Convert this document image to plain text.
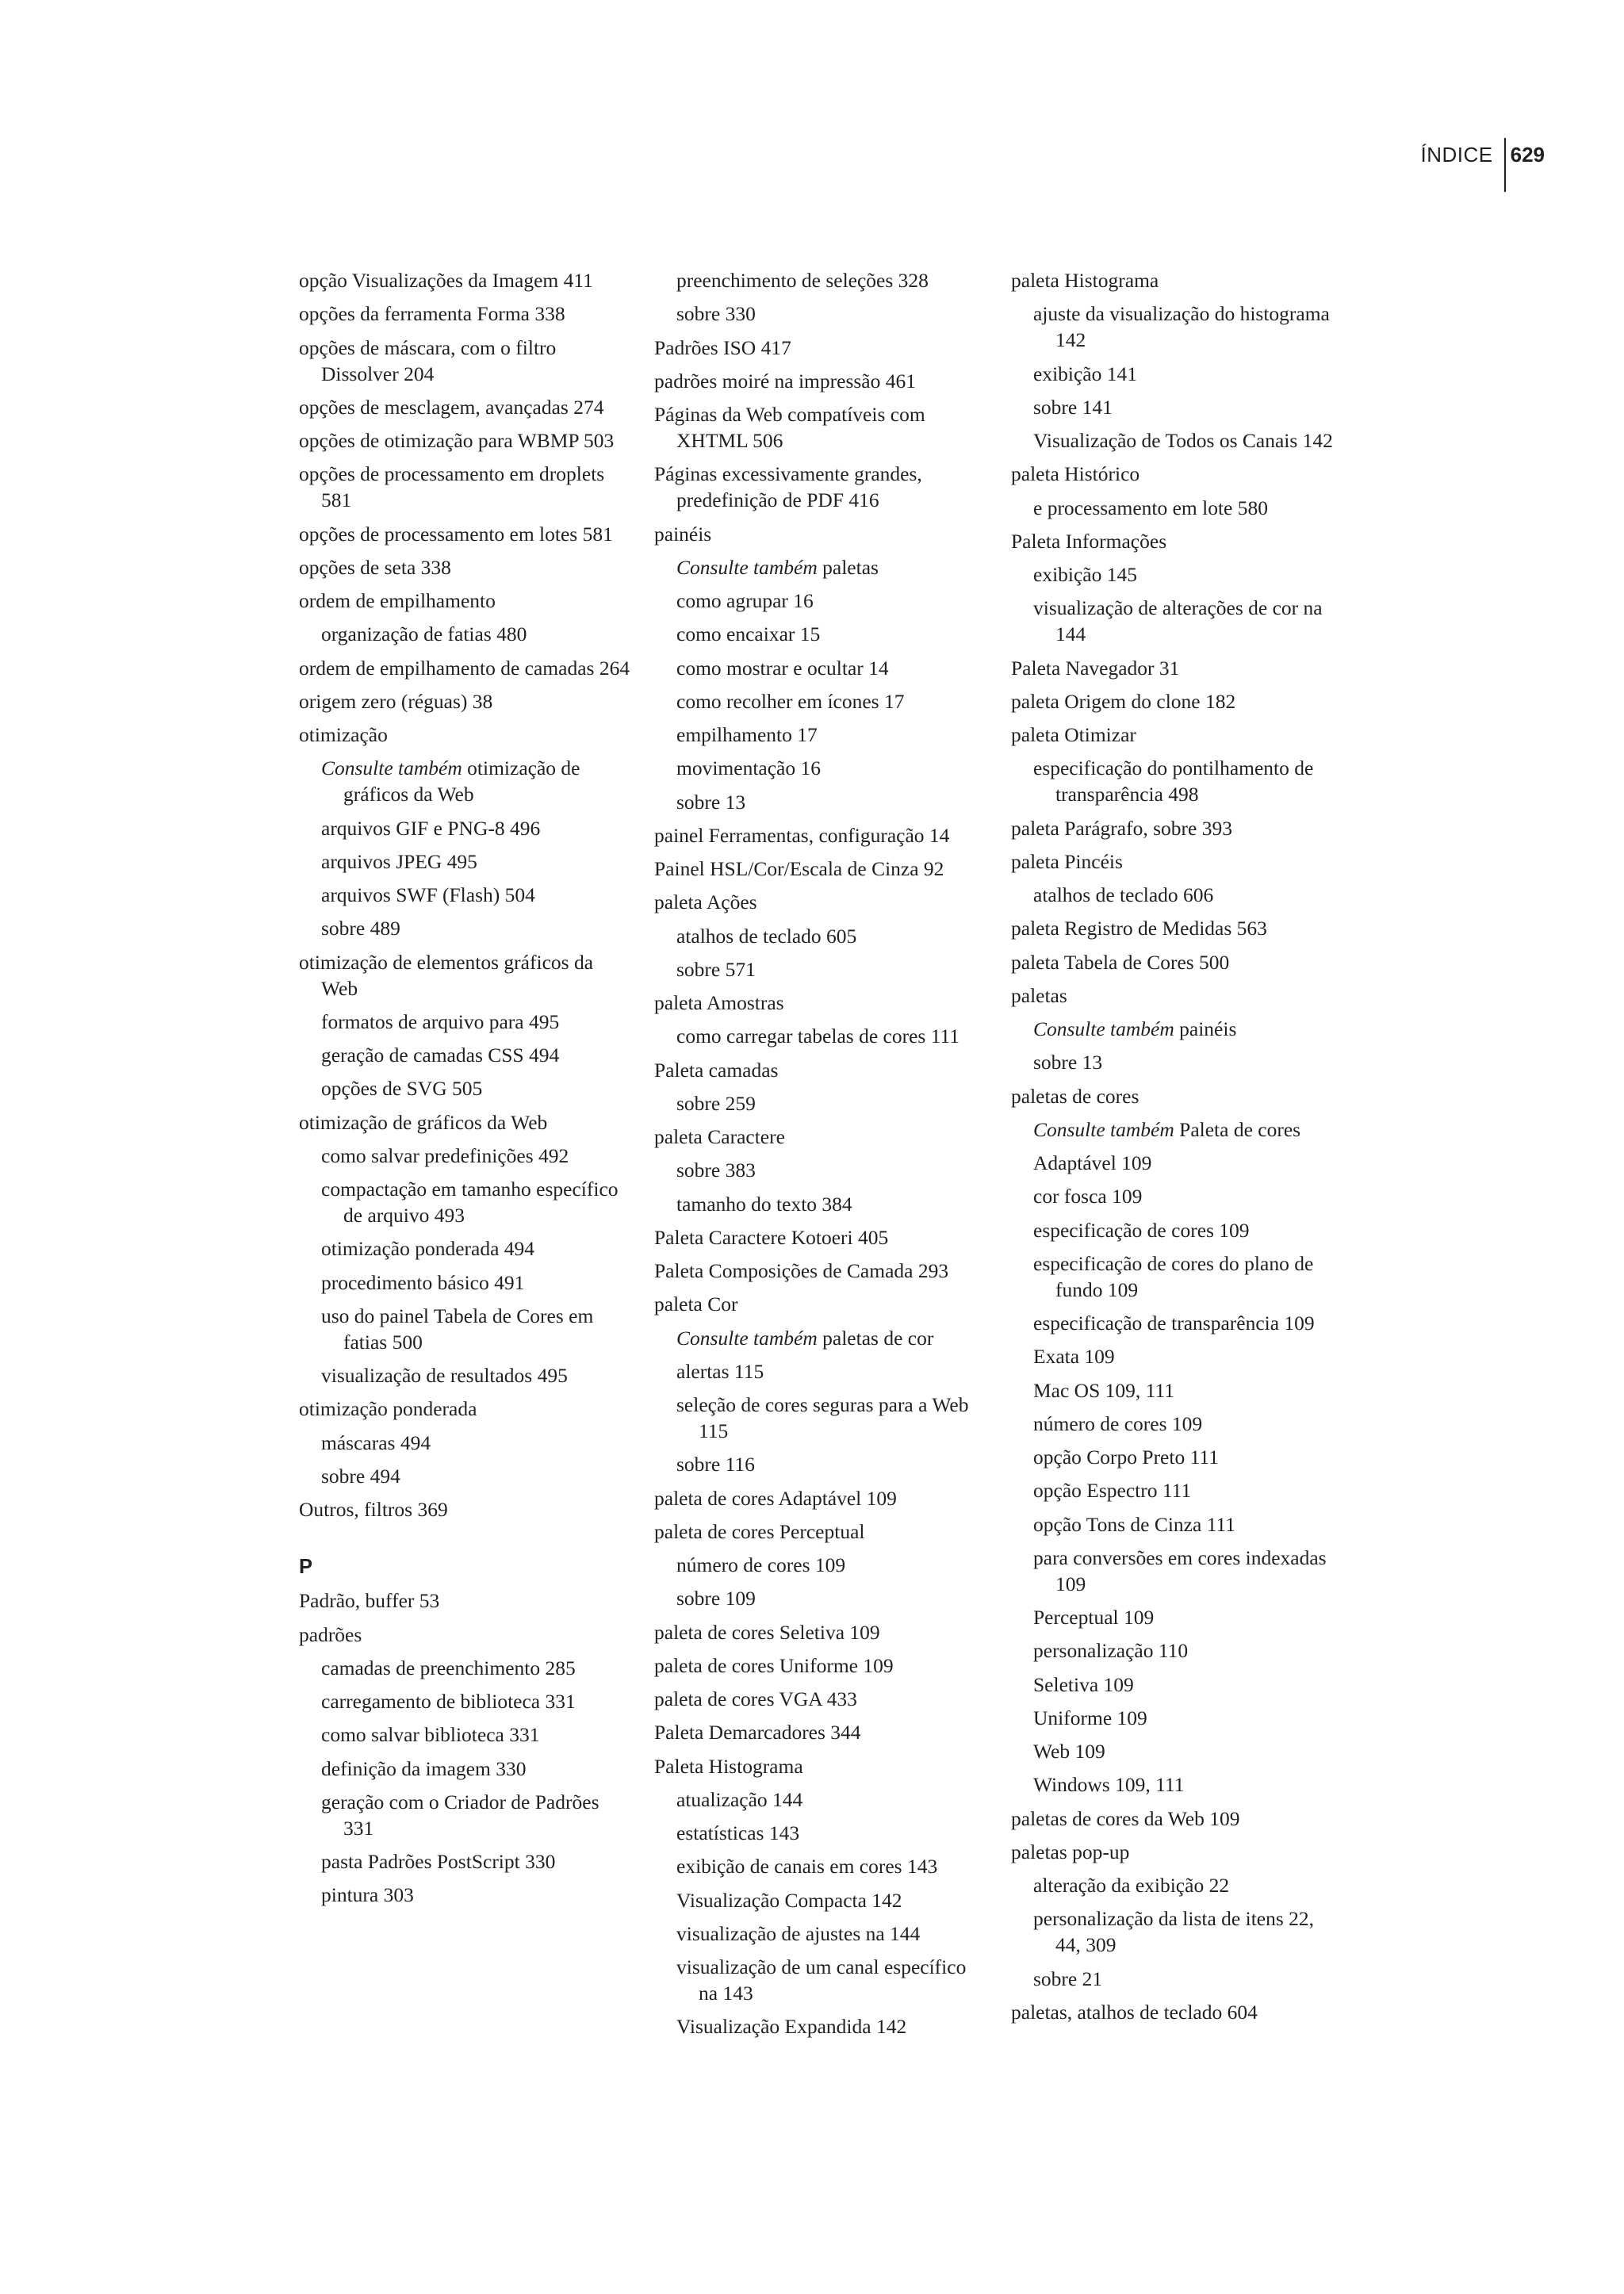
ÍNDICE 629
opção Visualizações da Imagem 411
opções da ferramenta Forma 338
opções de máscara, com o filtro Dissolver 204
opções de mesclagem, avançadas 274
opções de otimização para WBMP 503
opções de processamento em droplets 581
opções de processamento em lotes 581
opções de seta 338
ordem de empilhamento
organização de fatias 480
ordem de empilhamento de camadas 264
origem zero (réguas) 38
otimização
Consulte também otimização de gráficos da Web
arquivos GIF e PNG-8 496
arquivos JPEG 495
arquivos SWF (Flash) 504
sobre 489
otimização de elementos gráficos da Web
formatos de arquivo para 495
geração de camadas CSS 494
opções de SVG 505
otimização de gráficos da Web
como salvar predefinições 492
compactação em tamanho específico de arquivo 493
otimização ponderada 494
procedimento básico 491
uso do painel Tabela de Cores em fatias 500
visualização de resultados 495
otimização ponderada
máscaras 494
sobre 494
Outros, filtros 369
P
Padrão, buffer 53
padrões
camadas de preenchimento 285
carregamento de biblioteca 331
como salvar biblioteca 331
definição da imagem 330
geração com o Criador de Padrões 331
pasta Padrões PostScript 330
pintura 303
preenchimento de seleções 328
sobre 330
Padrões ISO 417
padrões moiré na impressão 461
Páginas da Web compatíveis com XHTML 506
Páginas excessivamente grandes, predefinição de PDF 416
painéis
Consulte também paletas
como agrupar 16
como encaixar 15
como mostrar e ocultar 14
como recolher em ícones 17
empilhamento 17
movimentação 16
sobre 13
painel Ferramentas, configuração 14
Painel HSL/Cor/Escala de Cinza 92
paleta Ações
atalhos de teclado 605
sobre 571
paleta Amostras
como carregar tabelas de cores 111
Paleta camadas
sobre 259
paleta Caractere
sobre 383
tamanho do texto 384
Paleta Caractere Kotoeri 405
Paleta Composições de Camada 293
paleta Cor
Consulte também paletas de cor
alertas 115
seleção de cores seguras para a Web 115
sobre 116
paleta de cores Adaptável 109
paleta de cores Perceptual
número de cores 109
sobre 109
paleta de cores Seletiva 109
paleta de cores Uniforme 109
paleta de cores VGA 433
Paleta Demarcadores 344
Paleta Histograma
atualização 144
estatísticas 143
exibição de canais em cores 143
Visualização Compacta 142
visualização de ajustes na 144
visualização de um canal específico na 143
Visualização Expandida 142
paleta Histograma
ajuste da visualização do histograma 142
exibição 141
sobre 141
Visualização de Todos os Canais 142
paleta Histórico
e processamento em lote 580
Paleta Informações
exibição 145
visualização de alterações de cor na 144
Paleta Navegador 31
paleta Origem do clone 182
paleta Otimizar
especificação do pontilhamento de transparência 498
paleta Parágrafo, sobre 393
paleta Pincéis
atalhos de teclado 606
paleta Registro de Medidas 563
paleta Tabela de Cores 500
paletas
Consulte também painéis
sobre 13
paletas de cores
Consulte também Paleta de cores
Adaptável 109
cor fosca 109
especificação de cores 109
especificação de cores do plano de fundo 109
especificação de transparência 109
Exata 109
Mac OS 109, 111
número de cores 109
opção Corpo Preto 111
opção Espectro 111
opção Tons de Cinza 111
para conversões em cores indexadas 109
Perceptual 109
personalização 110
Seletiva 109
Uniforme 109
Web 109
Windows 109, 111
paletas de cores da Web 109
paletas pop-up
alteração da exibição 22
personalização da lista de itens 22, 44, 309
sobre 21
paletas, atalhos de teclado 604
